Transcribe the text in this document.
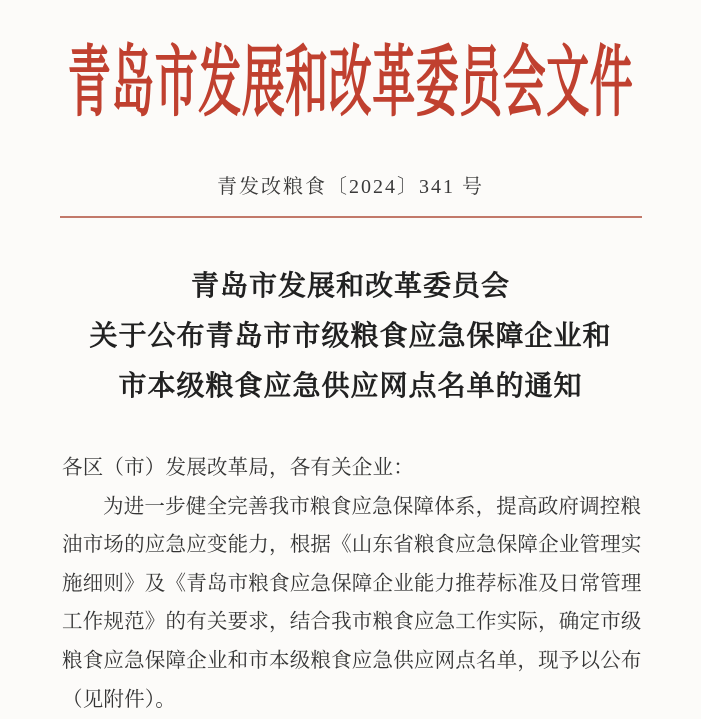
青岛市发展和改革委员会文件
青发改粮食〔2024〕341 号
青岛市发展和改革委员会
关于公布青岛市市级粮食应急保障企业和
市本级粮食应急供应网点名单的通知
各区（市）发展改革局，各有关企业：
为进一步健全完善我市粮食应急保障体系，提高政府调控粮
油市场的应急应变能力，根据《山东省粮食应急保障企业管理实
施细则》及《青岛市粮食应急保障企业能力推荐标准及日常管理
工作规范》的有关要求，结合我市粮食应急工作实际，确定市级
粮食应急保障企业和市本级粮食应急供应网点名单，现予以公布
（见附件）。
